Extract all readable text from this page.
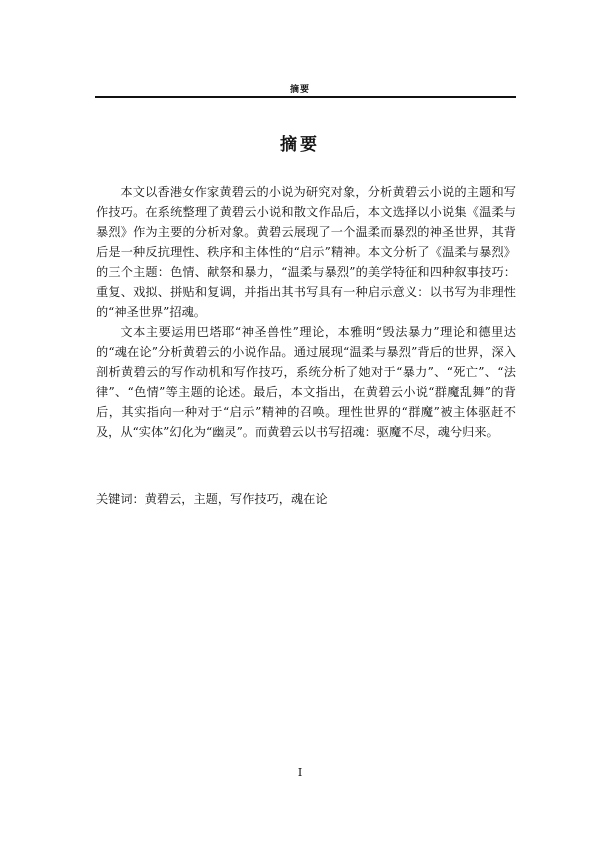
摘要
摘要

本文以香港女作家黄碧云的小说为研究对象，分析黄碧云小说的主题和写作技巧。在系统整理了黄碧云小说和散文作品后，本文选择以小说集《温柔与暴烈》作为主要的分析对象。黄碧云展现了一个温柔而暴烈的神圣世界，其背后是一种反抗理性、秩序和主体性的“启示”精神。本文分析了《温柔与暴烈》的三个主题：色情、献祭和暴力，“温柔与暴烈”的美学特征和四种叙事技巧：重复、戏拟、拼贴和复调，并指出其书写具有一种启示意义：以书写为非理性的“神圣世界”招魂。

文本主要运用巴塔耶“神圣兽性”理论，本雅明“毁法暴力”理论和德里达的“魂在论”分析黄碧云的小说作品。通过展现“温柔与暴烈”背后的世界，深入剖析黄碧云的写作动机和写作技巧，系统分析了她对于“暴力”、“死亡”、“法律”、“色情”等主题的论述。最后，本文指出，在黄碧云小说“群魔乱舞”的背后，其实指向一种对于“启示”精神的召唤。理性世界的“群魔”被主体驱赶不及，从“实体”幻化为“幽灵”。而黄碧云以书写招魂：驱魔不尽，魂兮归来。

关键词：黄碧云，主题，写作技巧，魂在论
I
